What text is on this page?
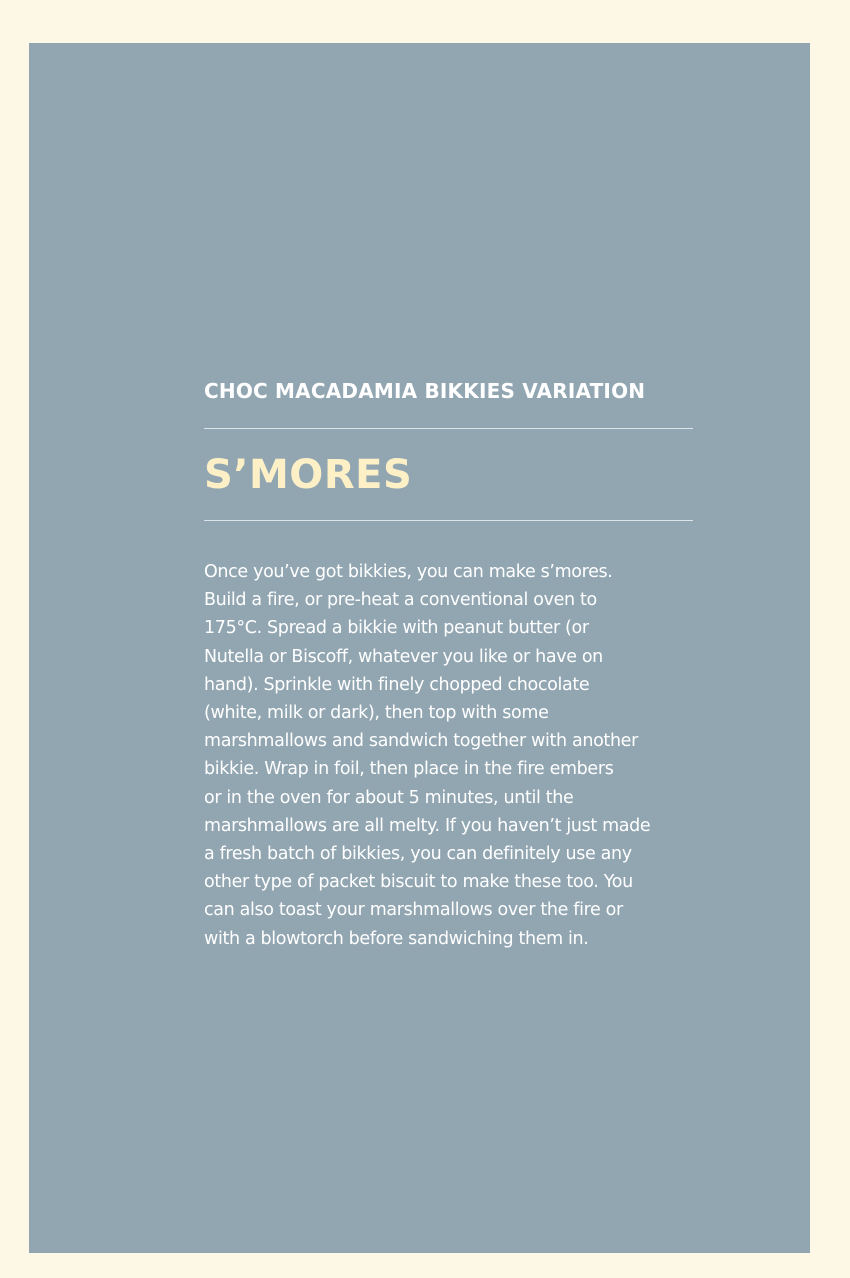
CHOC MACADAMIA BIKKIES VARIATION
S’MORES

Once you’ve got bikkies, you can make s’mores.
Build a fire, or pre-heat a conventional oven to
175°C. Spread a bikkie with peanut butter (or
Nutella or Biscoff, whatever you like or have on
hand). Sprinkle with finely chopped chocolate
(white, milk or dark), then top with some
marshmallows and sandwich together with another
bikkie. Wrap in foil, then place in the fire embers
or in the oven for about 5 minutes, until the
marshmallows are all melty. If you haven’t just made
a fresh batch of bikkies, you can definitely use any
other type of packet biscuit to make these too. You
can also toast your marshmallows over the fire or
with a blowtorch before sandwiching them in.
